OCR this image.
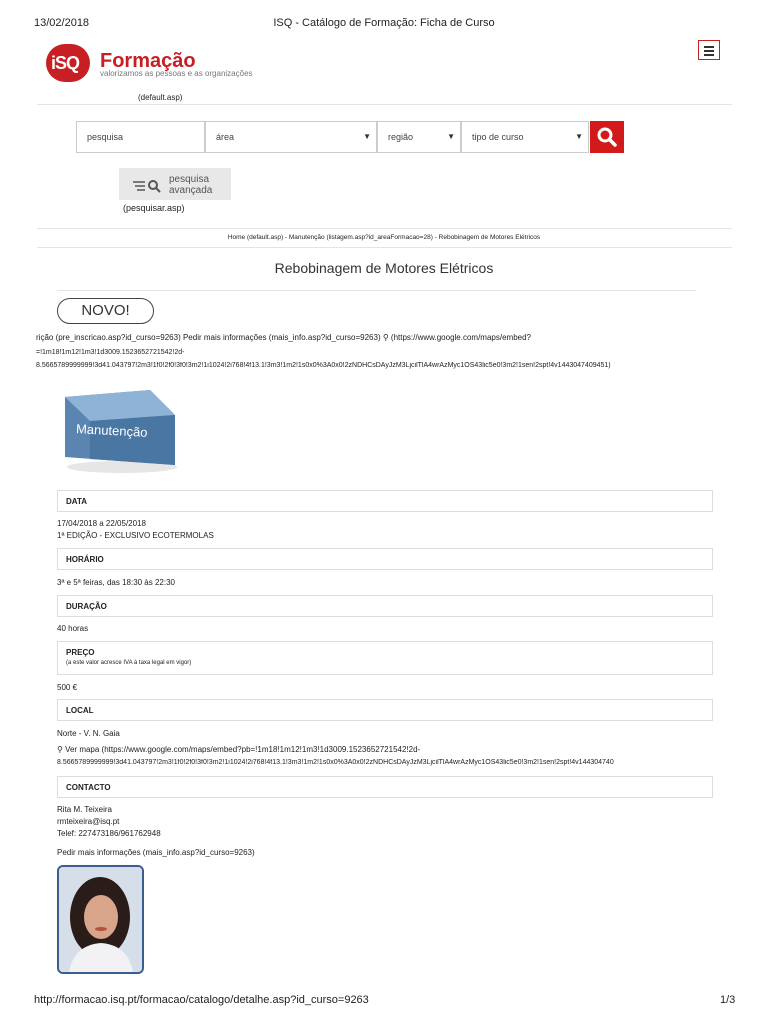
13/02/2018	ISQ - Catálogo de Formação: Ficha de Curso
iSQ Formação
valorizamos as pessoas e as organizações
(default.asp)
pesquisa	área	▼	região	▼	tipo de curso	▼
pesquisa
avançada
(pesquisar.asp)
Home (default.asp) - Manutenção (listagem.asp?id_areaFormacao=28) - Rebobinagem de Motores Elétricos
Rebobinagem de Motores Elétricos
NOVO!
rição (pre_inscricao.asp?id_curso=9263) Pedir mais informações (mais_info.asp?id_curso=9263) ⚲ (https://www.google.com/maps/embed?
=!1m18!1m12!1m3!1d3009.1523652721542!2d-
8.5665789999999!3d41.043797!2m3!1f0!2f0!3f0!3m2!1i1024!2i768!4f13.1!3m3!1m2!1s0x0%3A0x0!2zNDHCsDAyJzM3LjcilTlA4wrAzMyc1OS43lic5e0!3m2!1sen!2spt!4v1443047409451)
Manutenção
DATA
17/04/2018 a 22/05/2018
1ª EDIÇÃO - EXCLUSIVO ECOTERMOLAS
HORÁRIO
3ª e 5ª feiras, das 18:30 às 22:30
DURAÇÃO
40 horas
PREÇO
(a este valor acresce IVA à taxa legal em vigor)
500 €
LOCAL
Norte - V. N. Gaia
⚲ Ver mapa (https://www.google.com/maps/embed?pb=!1m18!1m12!1m3!1d3009.1523652721542!2d-
8.5665789999999!3d41.043797!2m3!1f0!2f0!3f0!3m2!1i1024!2i768!4f13.1!3m3!1m2!1s0x0%3A0x0!2zNDHCsDAyJzM3LjcilTlA4wrAzMyc1OS43lic5e0!3m2!1sen!2spt!4v144304740
CONTACTO
Rita M. Teixeira
rmteixeira@isq.pt
Telef: 227473186/961762948
Pedir mais informações (mais_info.asp?id_curso=9263)
http://formacao.isq.pt/formacao/catalogo/detalhe.asp?id_curso=9263	1/3
